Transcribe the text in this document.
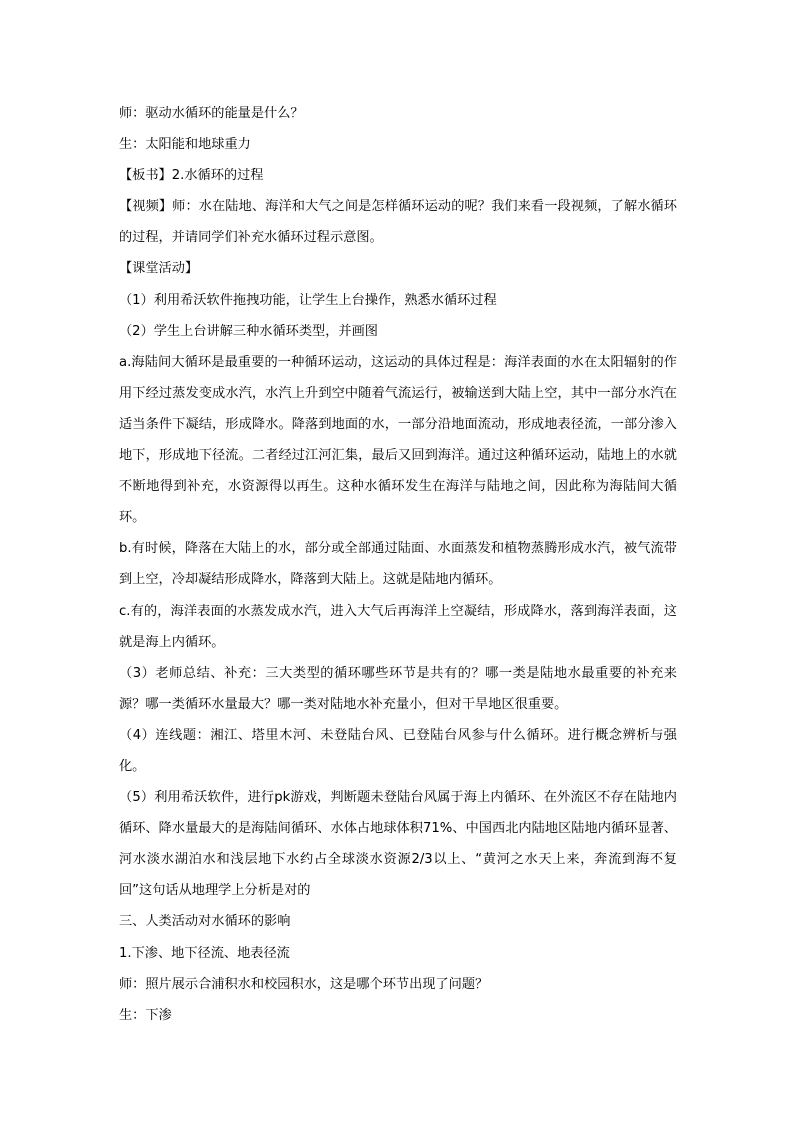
师：驱动水循环的能量是什么？

生：太阳能和地球重力

【板书】2.水循环的过程

【视频】师：水在陆地、海洋和大气之间是怎样循环运动的呢？我们来看一段视频，了解水循环的过程，并请同学们补充水循环过程示意图。

【课堂活动】

（1）利用希沃软件拖拽功能，让学生上台操作，熟悉水循环过程

（2）学生上台讲解三种水循环类型，并画图

a.海陆间大循环是最重要的一种循环运动，这运动的具体过程是：海洋表面的水在太阳辐射的作用下经过蒸发变成水汽，水汽上升到空中随着气流运行，被输送到大陆上空，其中一部分水汽在适当条件下凝结，形成降水。降落到地面的水，一部分沿地面流动，形成地表径流，一部分渗入地下，形成地下径流。二者经过江河汇集，最后又回到海洋。通过这种循环运动，陆地上的水就不断地得到补充，水资源得以再生。这种水循环发生在海洋与陆地之间，因此称为海陆间大循环。

b.有时候，降落在大陆上的水，部分或全部通过陆面、水面蒸发和植物蒸腾形成水汽，被气流带到上空，冷却凝结形成降水，降落到大陆上。这就是陆地内循环。

c.有的，海洋表面的水蒸发成水汽，进入大气后再海洋上空凝结，形成降水，落到海洋表面，这就是海上内循环。

（3）老师总结、补充：三大类型的循环哪些环节是共有的？哪一类是陆地水最重要的补充来源？哪一类循环水量最大？哪一类对陆地水补充量小，但对干旱地区很重要。

（4）连线题：湘江、塔里木河、未登陆台风、已登陆台风参与什么循环。进行概念辨析与强化。

（5）利用希沃软件，进行pk游戏，判断题未登陆台风属于海上内循环、在外流区不存在陆地内循环、降水量最大的是海陆间循环、水体占地球体积71%、中国西北内陆地区陆地内循环显著、河水淡水湖泊水和浅层地下水约占全球淡水资源2/3以上、“黄河之水天上来，奔流到海不复回”这句话从地理学上分析是对的

三、人类活动对水循环的影响

1.下渗、地下径流、地表径流

师：照片展示合浦积水和校园积水，这是哪个环节出现了问题？

生：下渗
